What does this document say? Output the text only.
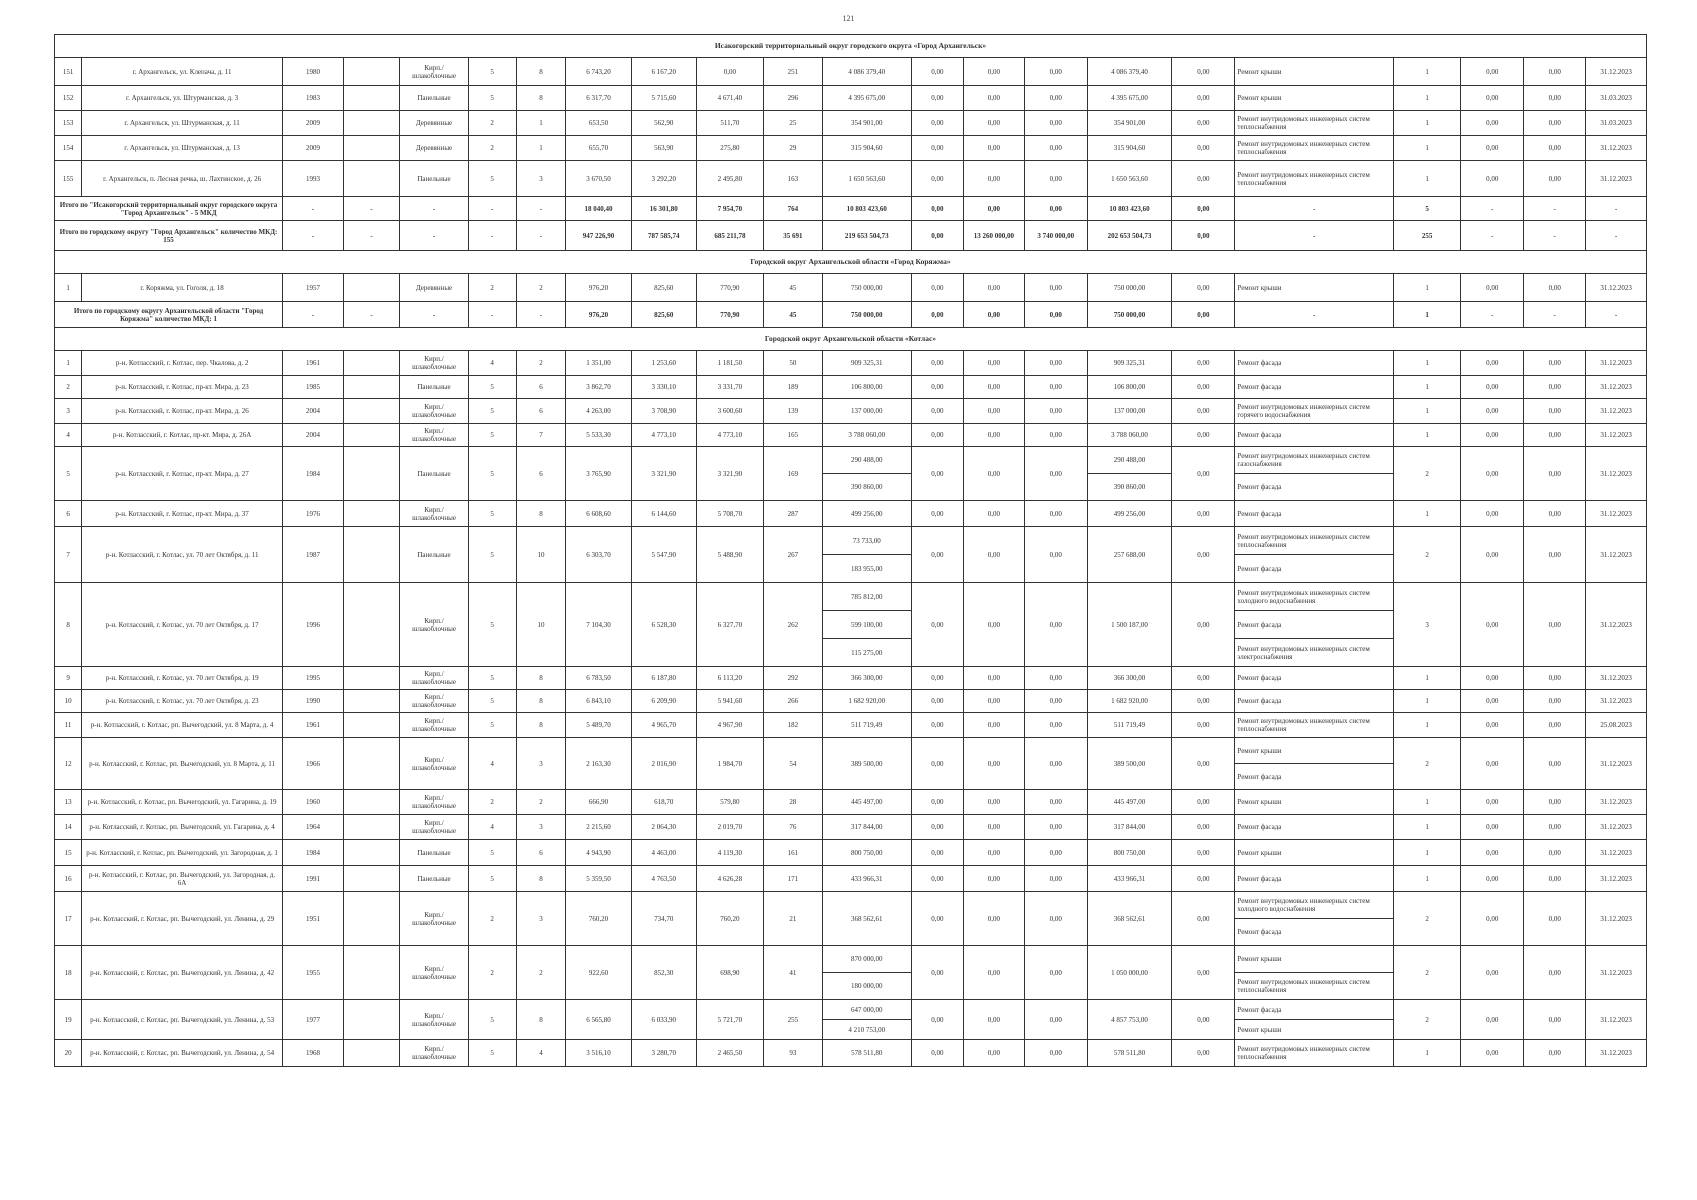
121
Исакогорский территориальный округ городского округа «Город Архангельск»																					
151	г. Архангельск, ул. Клепача, д. 11	1980		Кирп./ шлакоблочные	5	8	6 743,20	6 167,20	0,00	251	4 086 379,40	0,00	0,00	0,00	4 086 379,40	0,00	Ремонт крыши	1	0,00	0,00	31.12.2023
152	г. Архангельск, ул. Штурманская, д. 3	1983		Панельные	5	8	6 317,70	5 715,60	4 671,40	296	4 395 675,00	0,00	0,00	0,00	4 395 675,00	0,00	Ремонт крыши	1	0,00	0,00	31.03.2023
153	г. Архангельск, ул. Штурманская, д. 11	2009		Деревянные	2	1	653,50	562,90	511,70	25	354 901,00	0,00	0,00	0,00	354 901,00	0,00	Ремонт внутридомовых инженерных систем теплоснабжения	1	0,00	0,00	31.03.2023
154	г. Архангельск, ул. Штурманская, д. 13	2009		Деревянные	2	1	655,70	563,90	275,80	29	315 904,60	0,00	0,00	0,00	315 904,60	0,00	Ремонт внутридомовых инженерных систем теплоснабжения	1	0,00	0,00	31.12.2023
155	г. Архангельск, п. Лесная речка, ш. Лахтинское, д. 26	1993		Панельные	5	3	3 670,50	3 292,20	2 495,80	163	1 650 563,60	0,00	0,00	0,00	1 650 563,60	0,00	Ремонт внутридомовых инженерных систем теплоснабжения	1	0,00	0,00	31.12.2023
Итого по "Исакогорский территориальный округ городского округа "Город Архангельск" - 5 МКД		-	-	-	-	-	18 040,40	16 301,80	7 954,70	764	10 803 423,60	0,00	0,00	0,00	10 803 423,60	0,00	-	5	-	-	-
Итого по городскому округу "Город Архангельск" количество МКД: 155		-	-	-	-	-	947 226,90	787 585,74	685 211,78	35 691	219 653 504,73	0,00	13 260 000,00	3 740 000,00	202 653 504,73	0,00	-	255	-	-	-
Городской округ Архангельской области «Город Коряжма»																					
1	г. Коряжма, ул. Гоголя, д. 18	1957		Деревянные	2	2	976,20	825,60	770,90	45	750 000,00	0,00	0,00	0,00	750 000,00	0,00	Ремонт крыши	1	0,00	0,00	31.12.2023
Итого по городскому округу Архангельской области "Город Коряжма" количество МКД: 1		-	-	-	-	-	976,20	825,60	770,90	45	750 000,00	0,00	0,00	0,00	750 000,00	0,00	-	1	-	-	-
Городской округ Архангельской области «Котлас»																					
1	р-н. Котласский, г. Котлас, пер. Чкалова, д. 2	1961		Кирп./ шлакоблочные	4	2	1 351,00	1 253,60	1 181,50	50	909 325,31	0,00	0,00	0,00	909 325,31	0,00	Ремонт фасада	1	0,00	0,00	31.12.2023
2	р-н. Котласский, г. Котлас, пр-кт. Мира, д. 23	1985		Панельные	5	6	3 862,70	3 330,10	3 331,70	189	106 800,00	0,00	0,00	0,00	106 800,00	0,00	Ремонт фасада	1	0,00	0,00	31.12.2023
3	р-н. Котласский, г. Котлас, пр-кт. Мира, д. 26	2004		Кирп./ шлакоблочные	5	6	4 263,00	3 708,90	3 600,60	139	137 000,00	0,00	0,00	0,00	137 000,00	0,00	Ремонт внутридомовых инженерных систем горячего водоснабжения	1	0,00	0,00	31.12.2023
4	р-н. Котласский, г. Котлас, пр-кт. Мира, д. 26А	2004		Кирп./ шлакоблочные	5	7	5 533,30	4 773,10	4 773,10	165	3 788 060,00	0,00	0,00	0,00	3 788 060,00	0,00	Ремонт фасада	1	0,00	0,00	31.12.2023
5	р-н. Котласский, г. Котлас, пр-кт. Мира, д. 27	1984		Панельные	5	6	3 765,90	3 321,90	3 321,90	169	290 488,00	0,00	0,00	0,00	290 488,00	0,00	Ремонт внутридомовых инженерных систем газоснабжения	2	0,00	0,00	31.12.2023
											390 860,00				390 860,00		Ремонт фасада				
6	р-н. Котласский, г. Котлас, пр-кт. Мира, д. 37	1976		Кирп./ шлакоблочные	5	8	6 608,60	6 144,60	5 708,70	287	499 256,00	0,00	0,00	0,00	499 256,00	0,00	Ремонт фасада	1	0,00	0,00	31.12.2023
7	р-н. Котласский, г. Котлас, ул. 70 лет Октября, д. 11	1987		Панельные	5	10	6 303,70	5 547,90	5 488,90	267	73 733,00	0,00	0,00	0,00	257 688,00	0,00	Ремонт внутридомовых инженерных систем теплоснабжения	2	0,00	0,00	31.12.2023
											183 955,00						Ремонт фасада				
8	р-н. Котласский, г. Котлас, ул. 70 лет Октября, д. 17	1996		Кирп./ шлакоблочные	5	10	7 104,30	6 528,30	6 327,70	262	785 812,00	0,00	0,00	0,00	1 500 187,00	0,00	Ремонт внутридомовых инженерных систем холодного водоснабжения	3	0,00	0,00	31.12.2023
											599 100,00						Ремонт фасада				
											115 275,00						Ремонт внутридомовых инженерных систем электроснабжения				
9	р-н. Котласский, г. Котлас, ул. 70 лет Октября, д. 19	1995		Кирп./ шлакоблочные	5	8	6 783,50	6 187,80	6 113,20	292	366 300,00	0,00	0,00	0,00	366 300,00	0,00	Ремонт фасада	1	0,00	0,00	31.12.2023
10	р-н. Котласский, г. Котлас, ул. 70 лет Октября, д. 23	1990		Кирп./ шлакоблочные	5	8	6 843,10	6 209,90	5 941,60	266	1 682 920,00	0,00	0,00	0,00	1 682 920,00	0,00	Ремонт фасада	1	0,00	0,00	31.12.2023
11	р-н. Котласский, г. Котлас, рп. Вычегодский, ул. 8 Марта, д. 4	1961		Кирп./ шлакоблочные	5	8	5 489,70	4 965,70	4 967,90	182	511 719,49	0,00	0,00	0,00	511 719,49	0,00	Ремонт внутридомовых инженерных систем теплоснабжения	1	0,00	0,00	25.08.2023
12	р-н. Котласский, г. Котлас, рп. Вычегодский, ул. 8 Марта, д. 11	1966		Кирп./ шлакоблочные	4	3	2 163,30	2 016,90	1 984,70	54	389 500,00	0,00	0,00	0,00	389 500,00	0,00	Ремонт крыши	2	0,00	0,00	31.12.2023
																	Ремонт фасада				
13	р-н. Котласский, г. Котлас, рп. Вычегодский, ул. Гагарина, д. 19	1960		Кирп./ шлакоблочные	2	2	666,90	618,70	579,80	28	445 497,00	0,00	0,00	0,00	445 497,00	0,00	Ремонт крыши	1	0,00	0,00	31.12.2023
14	р-н. Котласский, г. Котлас, рп. Вычегодский, ул. Гагарина, д. 4	1964		Кирп./ шлакоблочные	4	3	2 215,60	2 064,30	2 019,70	76	317 844,00	0,00	0,00	0,00	317 844,00	0,00	Ремонт фасада	1	0,00	0,00	31.12.2023
15	р-н. Котласский, г. Котлас, рп. Вычегодский, ул. Загородная, д. 1	1984		Панельные	5	6	4 943,90	4 463,00	4 119,30	161	800 750,00	0,00	0,00	0,00	800 750,00	0,00	Ремонт крыши	1	0,00	0,00	31.12.2023
16	р-н. Котласский, г. Котлас, рп. Вычегодский, ул. Загородная, д. 6А	1991		Панельные	5	8	5 359,50	4 763,50	4 626,28	171	433 966,31	0,00	0,00	0,00	433 966,31	0,00	Ремонт фасада	1	0,00	0,00	31.12.2023
17	р-н. Котласский, г. Котлас, рп. Вычегодский, ул. Ленина, д. 29	1951		Кирп./ шлакоблочные	2	3	760,20	734,70	760,20	21	368 562,61	0,00	0,00	0,00	368 562,61	0,00	Ремонт внутридомовых инженерных систем холодного водоснабжения	2	0,00	0,00	31.12.2023
																	Ремонт фасада				
18	р-н. Котласский, г. Котлас, рп. Вычегодский, ул. Ленина, д. 42	1955		Кирп./ шлакоблочные	2	2	922,60	852,30	698,90	41	870 000,00	0,00	0,00	0,00	1 050 000,00	0,00	Ремонт крыши	2	0,00	0,00	31.12.2023
											180 000,00						Ремонт внутридомовых инженерных систем теплоснабжения				
19	р-н. Котласский, г. Котлас, рп. Вычегодский, ул. Ленина, д. 53	1977		Кирп./ шлакоблочные	5	8	6 565,80	6 033,90	5 721,70	255	647 000,00	0,00	0,00	0,00	4 857 753,00	0,00	Ремонт фасада	2	0,00	0,00	31.12.2023
											4 210 753,00						Ремонт крыши				
20	р-н. Котласский, г. Котлас, рп. Вычегодский, ул. Ленина, д. 54	1968		Кирп./ шлакоблочные	5	4	3 516,10	3 280,70	2 465,50	93	578 511,80	0,00	0,00	0,00	578 511,80	0,00	Ремонт внутридомовых инженерных систем теплоснабжения	1	0,00	0,00	31.12.2023
